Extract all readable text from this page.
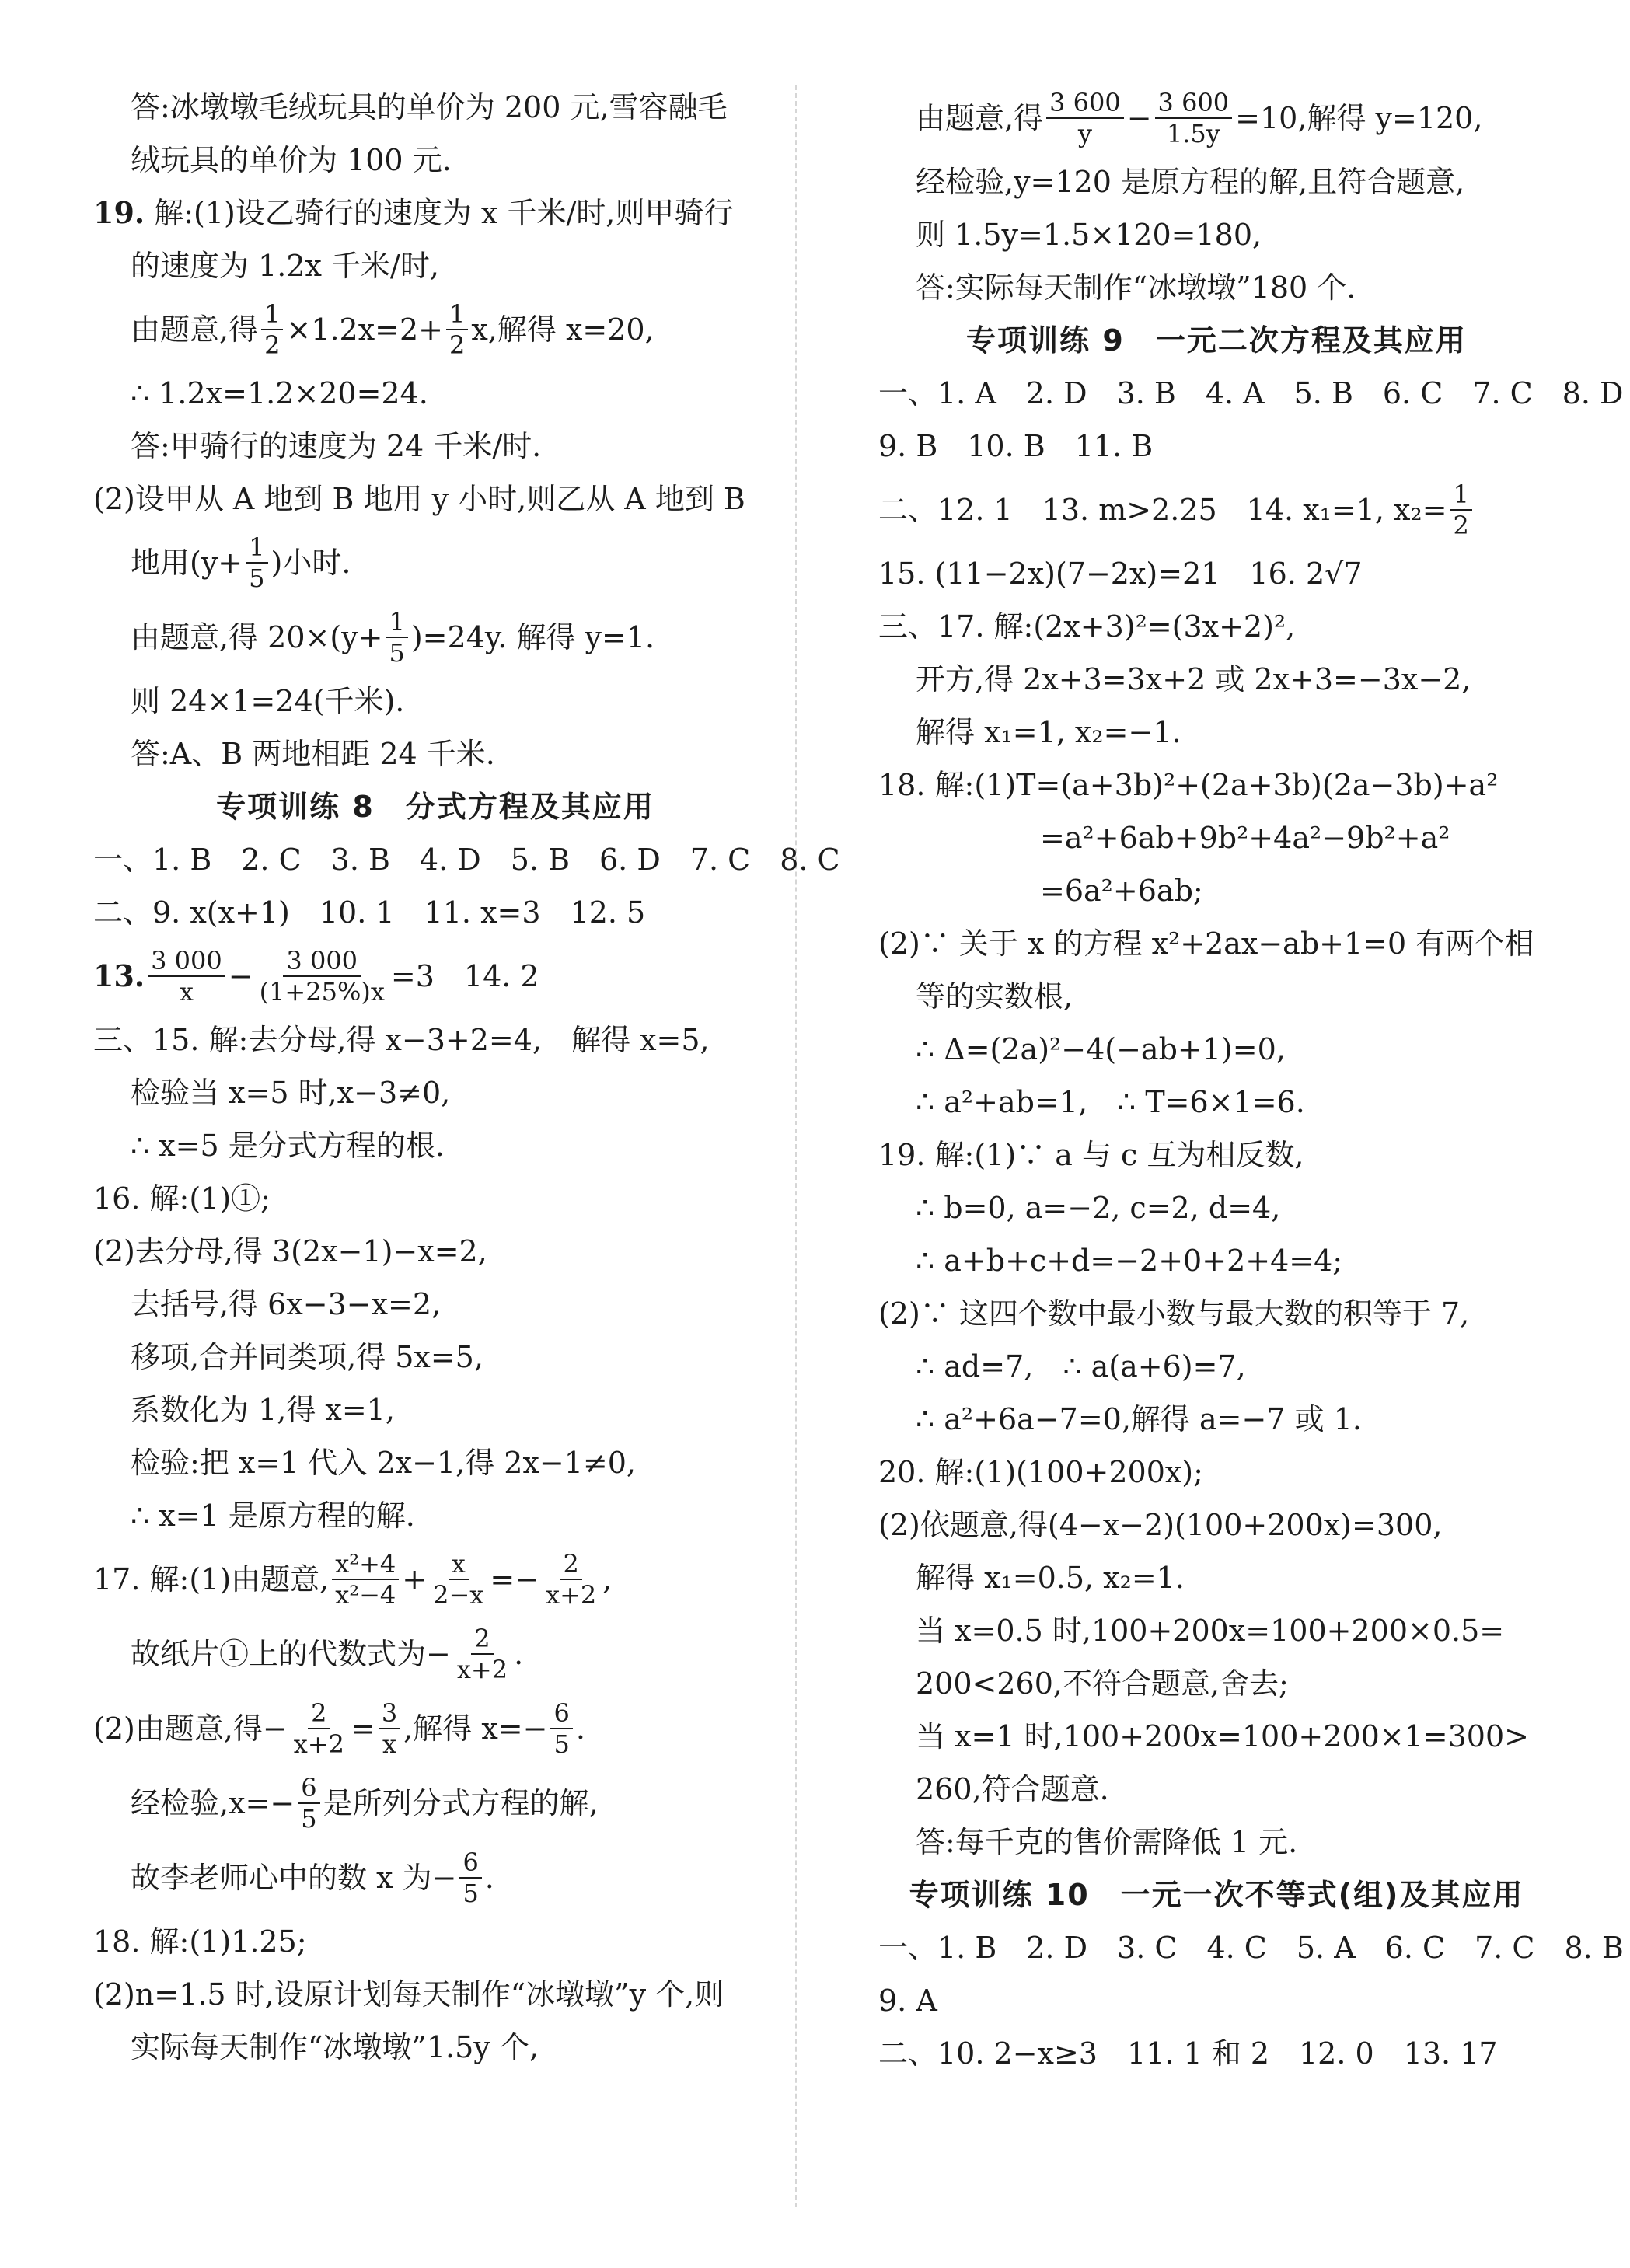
答:冰墩墩毛绒玩具的单价为 200 元,雪容融毛
绒玩具的单价为 100 元.
19.
解:(1)设乙骑行的速度为 x 千米/时,则甲骑行
的速度为 1.2x 千米/时,
由题意,得 $\frac{1}{2} \times 1.2x=2+ \frac{1}{2} x$,解得 x=20,
∴ 1.2x=1.2×20=24.
答:甲骑行的速度为 24 千米/时.
(2)设甲从 A 地到 B 地用 y 小时,则乙从 A 地到 B
地用($y+ \frac{1}{5}$ )小时.
由题意,得 $20\times(y+ \frac{1}{5} )=24y$. 解得 y=1.
则 24×1=24(千米).
答:A、B 两地相距 24 千米.
专项训练 8　分式方程及其应用
一、1. B　2. C　3. B　4. D　5. B　6. D　7. C　8. C
二、9. x(x+1)　10. 1　11. x=3　12. 5
13. $\frac{3 000}{x} - \frac{3 000}{(1+25\%)x} =3$　14. 2
三、15. 解:去分母,得 x−3+2=4,　解得 x=5,
检验当 x=5 时,x−3≠0,
∴ x=5 是分式方程的根.
16. 解:(1)①;
(2)去分母,得 3(2x−1)−x=2,
去括号,得 6x−3−x=2,
移项,合并同类项,得 5x=5,
系数化为 1,得 x=1,
检验:把 x=1 代入 2x−1,得 2x−1≠0,
∴ x=1 是原方程的解.
17. 解:(1)由题意, $\frac{\text{x²+4}}{\text{x²−4}} + \frac{x}{2-x} =- \frac{2}{x+2}$ ,
故纸片①上的代数式为− $\frac{2}{x+2}$ .
(2)由题意,得− $\frac{2}{x+2} = \frac{3}{x}$ ,解得 $x=- \frac{6}{5}$ .
经检验$,x=- \frac{6}{5}$ 是所列分式方程的解,
故李老师心中的数 x 为− $\frac{6}{5}$ .
18. 解:(1)1.25;
(2)n=1.5 时,设原计划每天制作“冰墩墩”y 个,则
实际每天制作“冰墩墩”1.5y 个,
由题意,得 $\frac{3 600}{y} - \frac{3 600}{1.5y} =10$,解得 y=120,
经检验,y=120 是原方程的解,且符合题意,
则 1.5y=1.5×120=180,
答:实际每天制作“冰墩墩”180 个.
专项训练 9　一元二次方程及其应用
一、1. A　2. D　3. B　4. A　5. B　6. C　7. C　8. D
9. B　10. B　11. B
二、12. 1　13. m>2.25　14. x₁=1, $x_2= \frac{1}{2}$
15. (11−2x)(7−2x)=21　16. 2√7
三、17. 解:(2x+3)²=(3x+2)²,
开方,得 2x+3=3x+2 或 2x+3=−3x−2,
解得 x₁=1, x₂=−1.
18. 解:(1)T=(a+3b)²+(2a+3b)(2a−3b)+a²
=a²+6ab+9b²+4a²−9b²+a²
=6a²+6ab;
(2)∵ 关于 x 的方程 x²+2ax−ab+1=0 有两个相
等的实数根,
∴ Δ=(2a)²−4(−ab+1)=0,
∴ a²+ab=1,　∴ T=6×1=6.
19. 解:(1)∵ a 与 c 互为相反数,
∴ b=0, a=−2, c=2, d=4,
∴ a+b+c+d=−2+0+2+4=4;
(2)∵ 这四个数中最小数与最大数的积等于 7,
∴ ad=7,　∴ a(a+6)=7,
∴ a²+6a−7=0,解得 a=−7 或 1.
20. 解:(1)(100+200x);
(2)依题意,得(4−x−2)(100+200x)=300,
解得 x₁=0.5, x₂=1.
当 x=0.5 时,100+200x=100+200×0.5=
200<260,不符合题意,舍去;
当 x=1 时,100+200x=100+200×1=300>
260,符合题意.
答:每千克的售价需降低 1 元.
专项训练 10　一元一次不等式(组)及其应用
一、1. B　2. D　3. C　4. C　5. A　6. C　7. C　8. B
9. A
二、10. 2−x≥3　11. 1 和 2　12. 0　13. 17
